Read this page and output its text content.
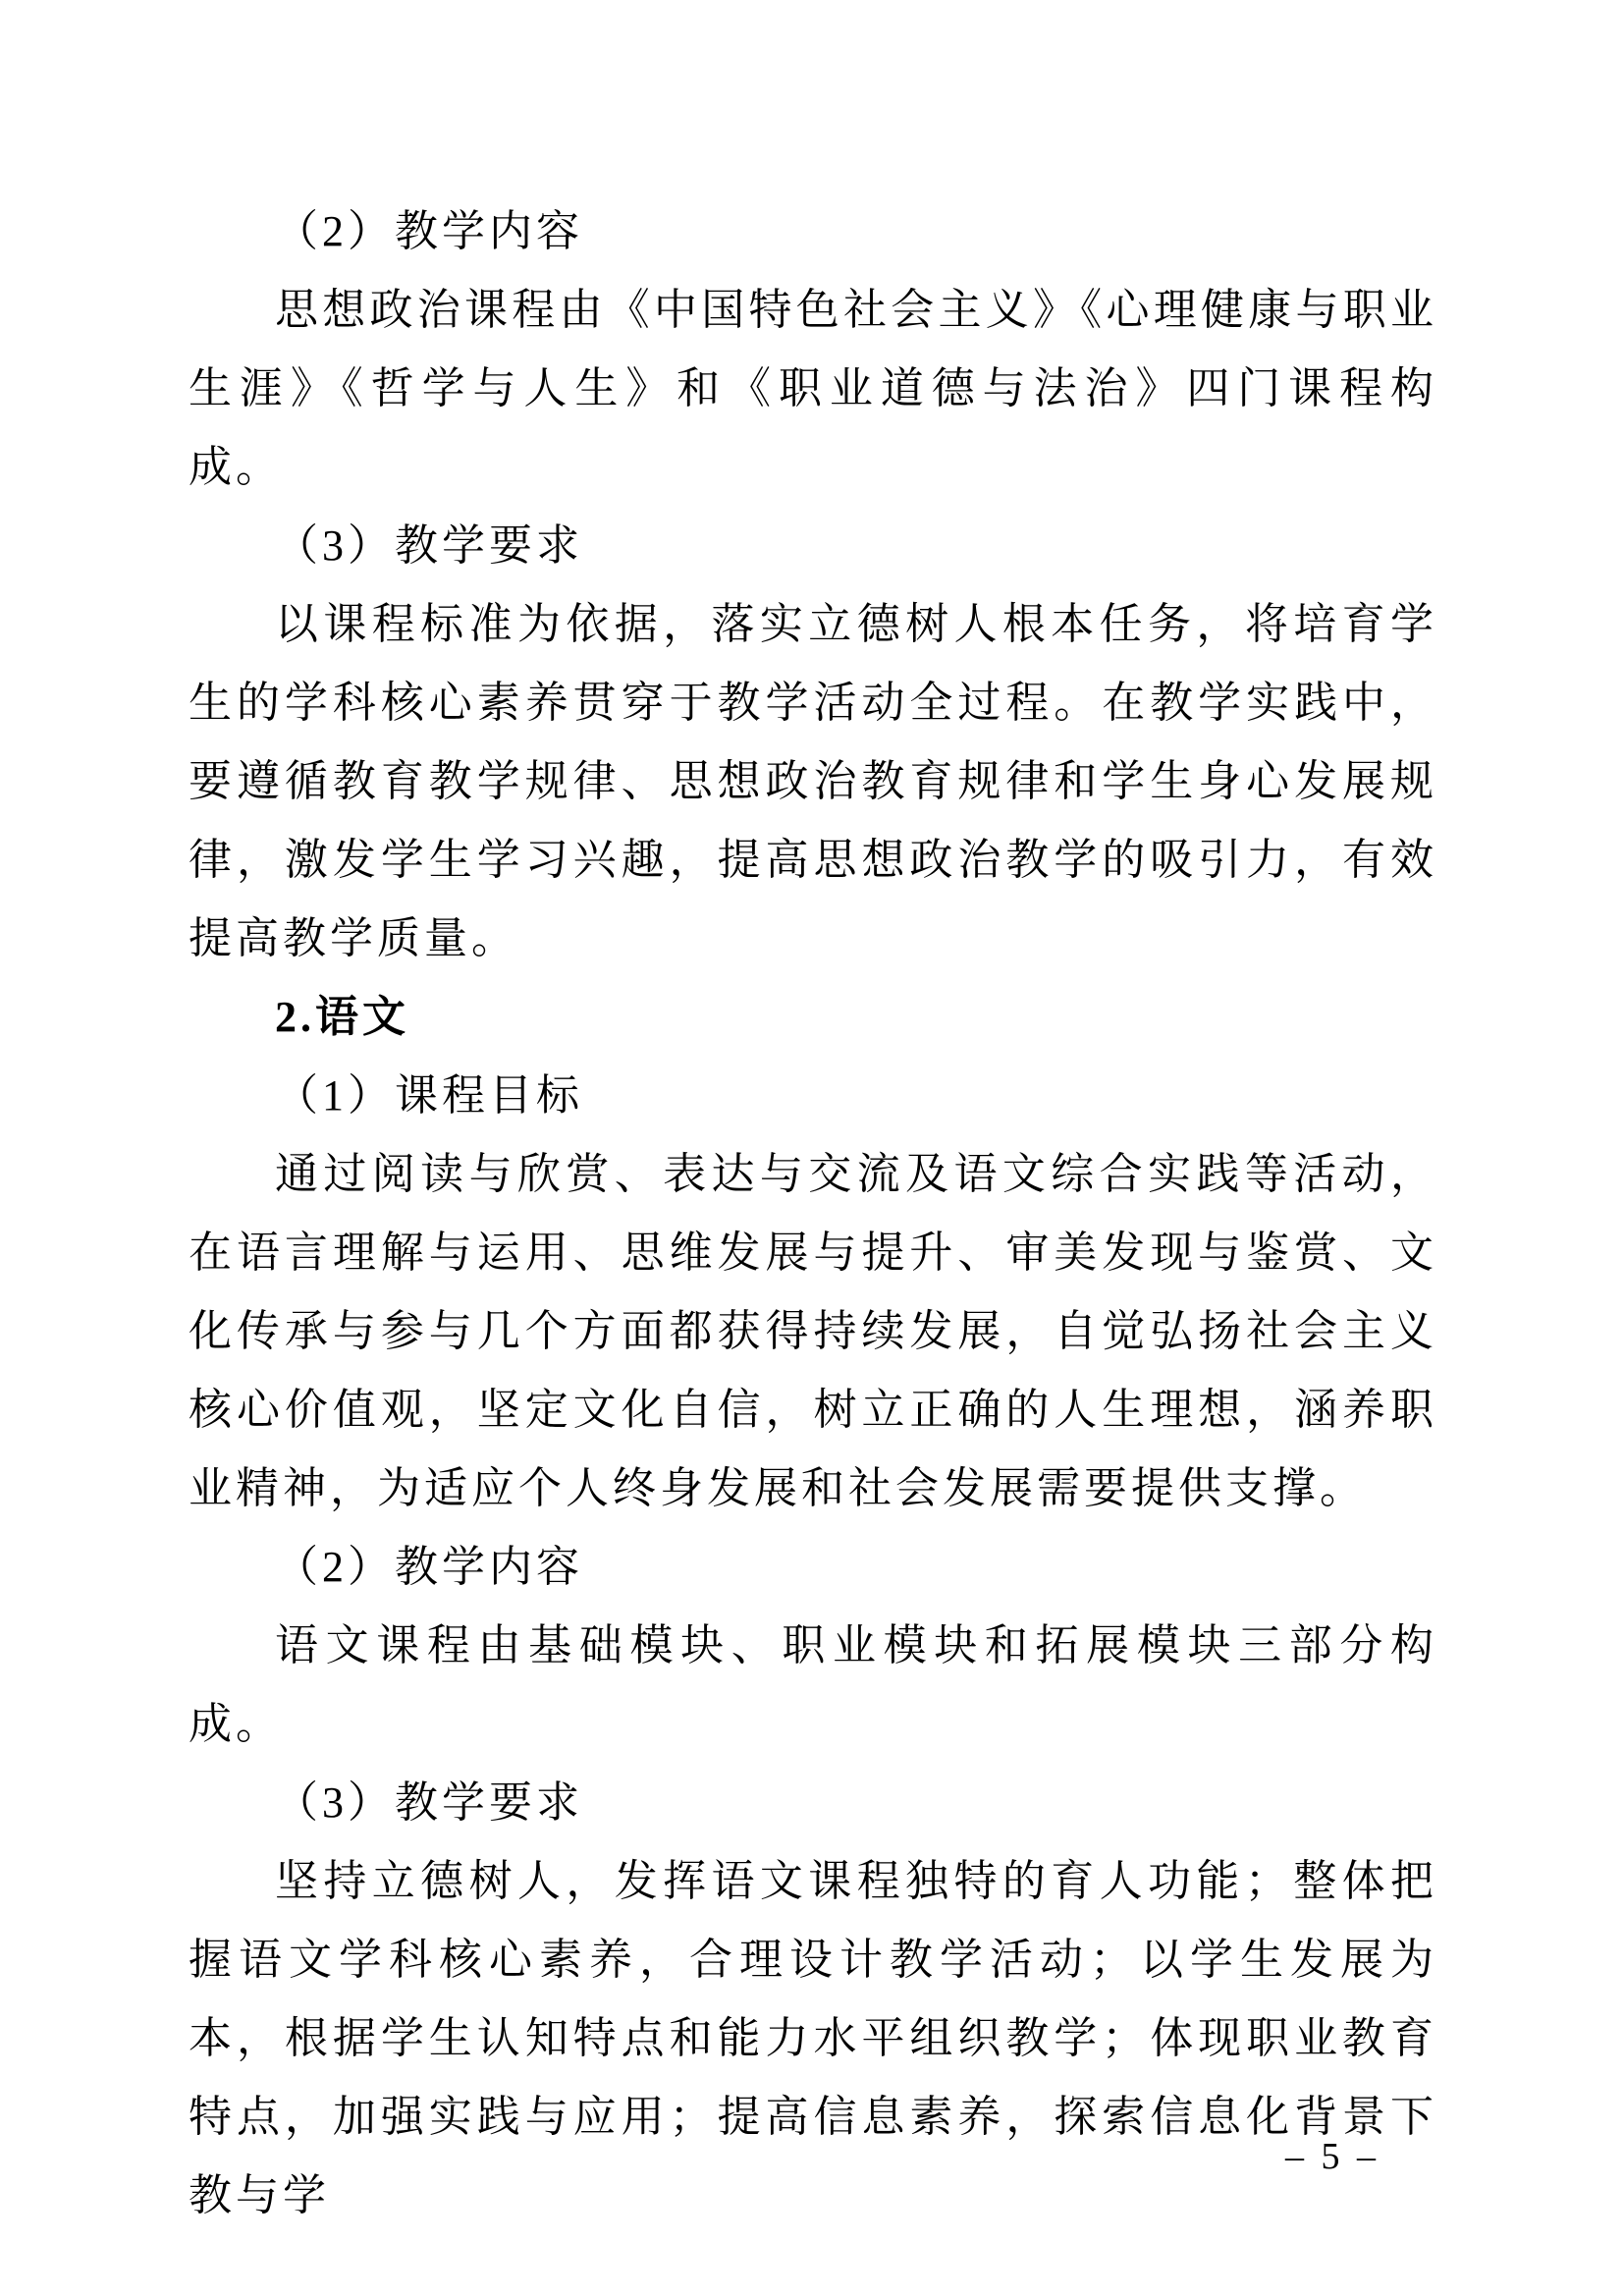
（2）教学内容

思想政治课程由《中国特色社会主义》《心理健康与职业生涯》《哲学与人生》和《职业道德与法治》四门课程构成。

（3）教学要求

以课程标准为依据，落实立德树人根本任务，将培育学生的学科核心素养贯穿于教学活动全过程。在教学实践中，要遵循教育教学规律、思想政治教育规律和学生身心发展规律，激发学生学习兴趣，提高思想政治教学的吸引力，有效提高教学质量。

2.语文

（1）课程目标

通过阅读与欣赏、表达与交流及语文综合实践等活动，在语言理解与运用、思维发展与提升、审美发现与鉴赏、文化传承与参与几个方面都获得持续发展，自觉弘扬社会主义核心价值观，坚定文化自信，树立正确的人生理想，涵养职业精神，为适应个人终身发展和社会发展需要提供支撑。

（2）教学内容

语文课程由基础模块、职业模块和拓展模块三部分构成。

（3）教学要求

坚持立德树人，发挥语文课程独特的育人功能；整体把握语文学科核心素养，合理设计教学活动；以学生发展为本，根据学生认知特点和能力水平组织教学；体现职业教育特点，加强实践与应用；提高信息素养，探索信息化背景下教与学

– 5 –
